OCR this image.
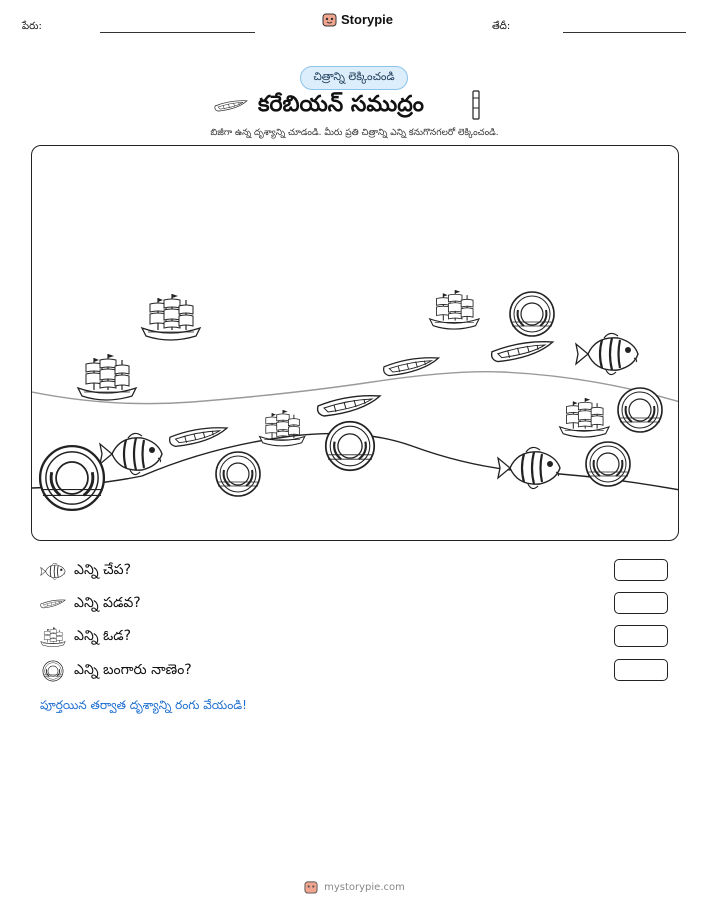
పేరు:	Storypie	తేదీ:
చిత్రాన్ని లెక్కించండి
కరేబియన్ సముద్రం
బిజీగా ఉన్న దృశ్యాన్ని చూడండి. మీరు ప్రతి చిత్రాన్ని ఎన్ని కనుగొనగలరో లెక్కించండి.
ఎన్ని చేప?
ఎన్ని పడవ?
ఎన్ని ఓడ?
ఎన్ని బంగారు నాణెం?
పూర్తయిన తర్వాత దృశ్యాన్ని రంగు వేయండి!
mystorypie.com
